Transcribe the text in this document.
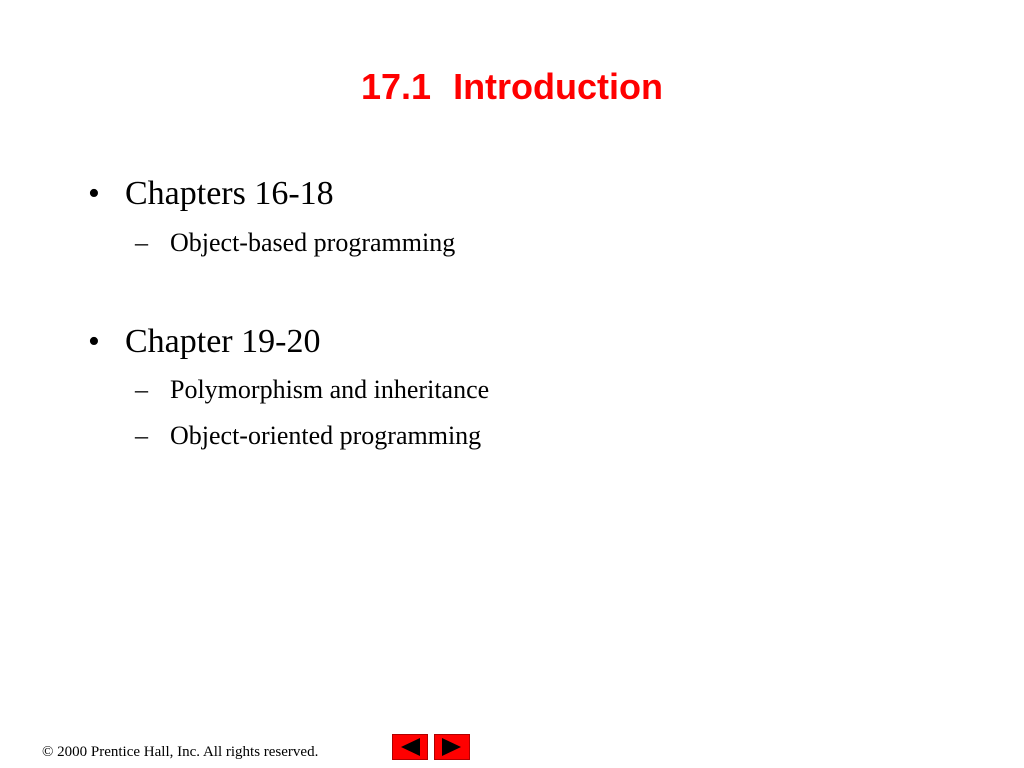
17.1 Introduction
• Chapters 16-18
– Object-based programming
• Chapter 19-20
– Polymorphism and inheritance
– Object-oriented programming
© 2000 Prentice Hall, Inc. All rights reserved.
